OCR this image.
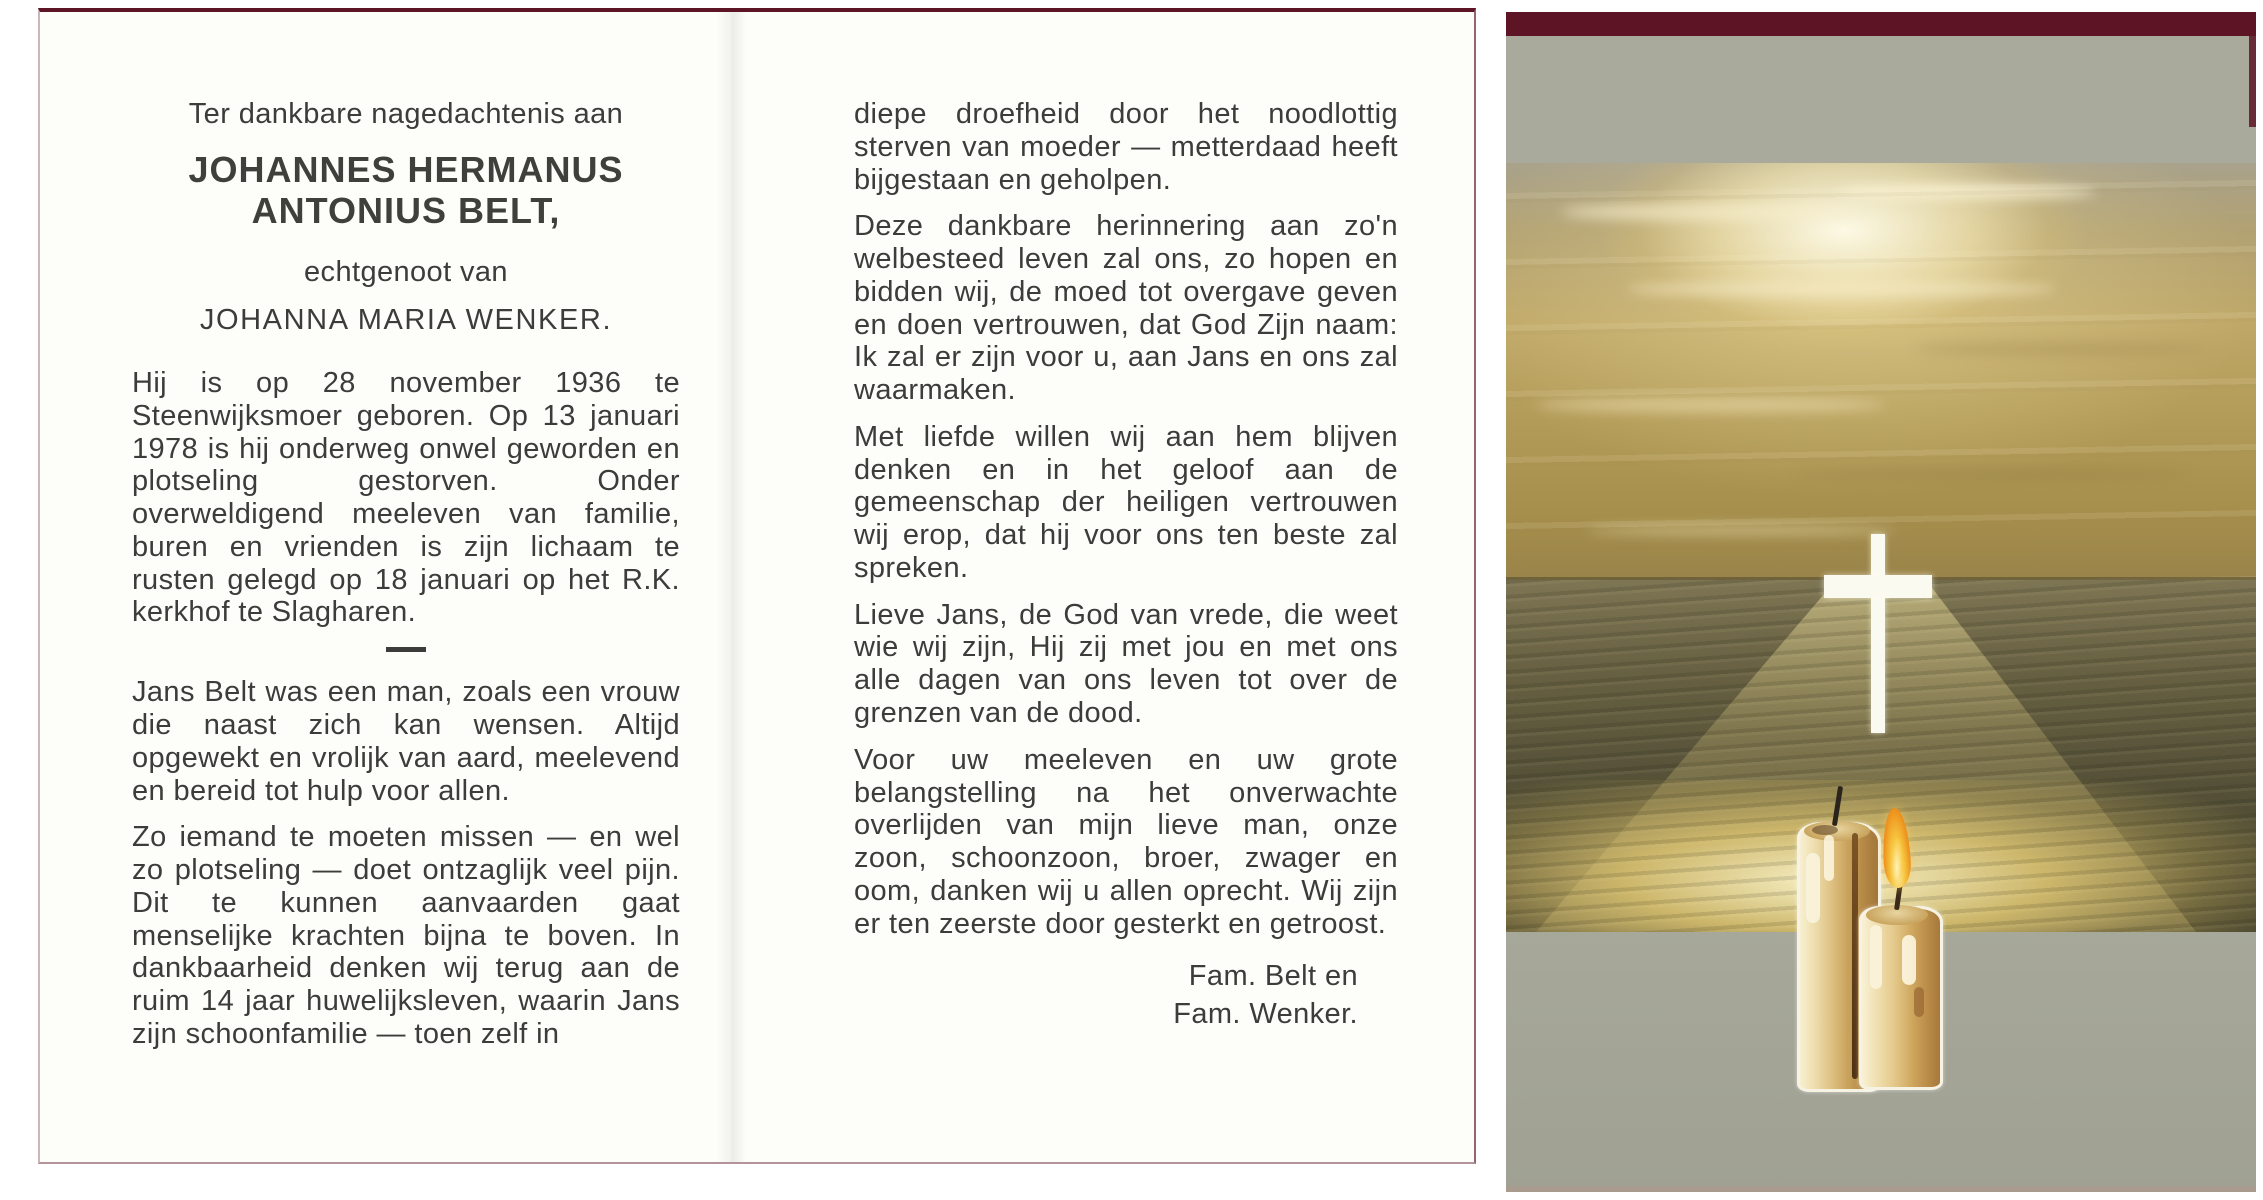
Ter dankbare nagedachtenis aan
JOHANNES HERMANUS
ANTONIUS BELT,
echtgenoot van
JOHANNA MARIA WENKER.

Hij is op 28 november 1936 te Steenwijksmoer geboren. Op 13 januari 1978 is hij onderweg onwel geworden en plotseling gestorven. Onder overweldigend meeleven van familie, buren en vrienden is zijn lichaam te rusten gelegd op 18 januari op het R.K. kerkhof te Slagharen.

Jans Belt was een man, zoals een vrouw die naast zich kan wensen. Altijd opgewekt en vrolijk van aard, meelevend en bereid tot hulp voor allen.

Zo iemand te moeten missen — en wel zo plotseling — doet ontzaglijk veel pijn. Dit te kunnen aanvaarden gaat menselijke krachten bijna te boven. In dankbaarheid denken wij terug aan de ruim 14 jaar huwelijksleven, waarin Jans zijn schoonfamilie — toen zelf in

diepe droefheid door het noodlottig sterven van moeder — metterdaad heeft bijgestaan en geholpen.

Deze dankbare herinnering aan zo'n welbesteed leven zal ons, zo hopen en bidden wij, de moed tot overgave geven en doen vertrouwen, dat God Zijn naam: Ik zal er zijn voor u, aan Jans en ons zal waarmaken.

Met liefde willen wij aan hem blijven denken en in het geloof aan de gemeenschap der heiligen vertrouwen wij erop, dat hij voor ons ten beste zal spreken.

Lieve Jans, de God van vrede, die weet wie wij zijn, Hij zij met jou en met ons alle dagen van ons leven tot over de grenzen van de dood.

Voor uw meeleven en uw grote belangstelling na het onverwachte overlijden van mijn lieve man, onze zoon, schoonzoon, broer, zwager en oom, danken wij u allen oprecht. Wij zijn er ten zeerste door gesterkt en getroost.

Fam. Belt en
Fam. Wenker.
